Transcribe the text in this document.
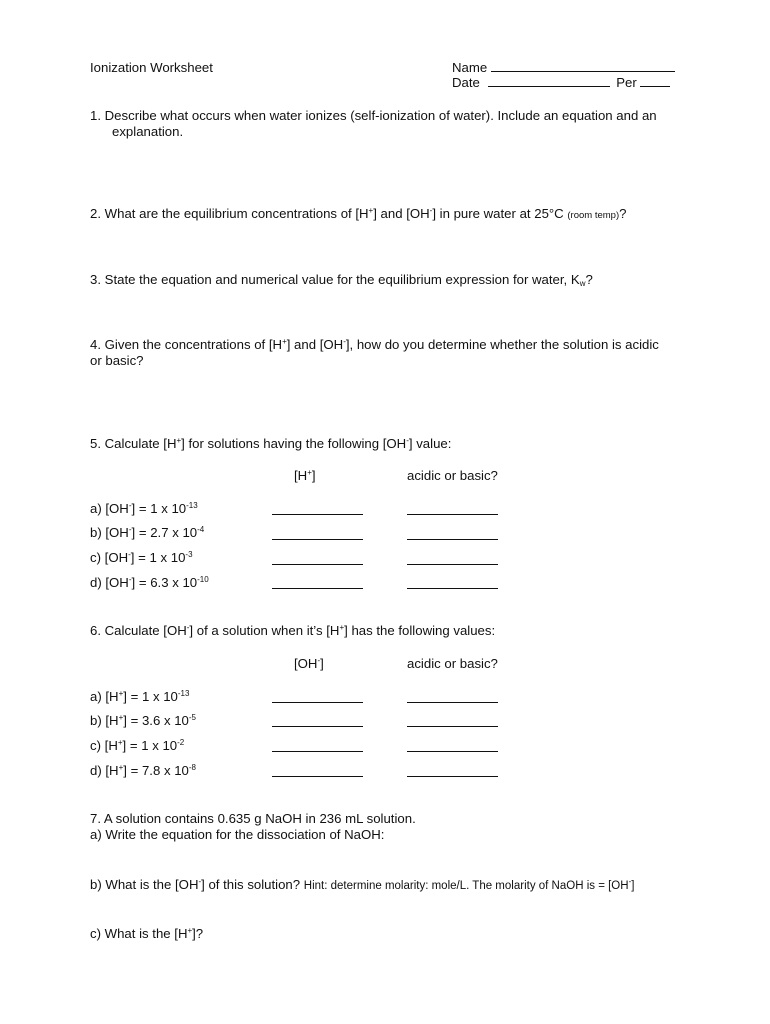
Ionization Worksheet	Name
Date	Per
1. Describe what occurs when water ionizes (self-ionization of water). Include an equation and an
explanation.
2. What are the equilibrium concentrations of [H+] and [OH-] in pure water at 25°C (room temp)?
3. State the equation and numerical value for the equilibrium expression for water, $K_w$?
4. Given the concentrations of [H+] and [OH-], how do you determine whether the solution is acidic
or basic?
5. Calculate [H+] for solutions having the following [OH-] value:
[H+]	acidic or basic?
a) [OH-] = 1 x $10^{-13}$
b) [OH-] = 2.7 x $10^{-4}$
c) [OH-] = 1 x $10^{-3}$
d) [OH-] = 6.3 x $10^{-10}$
6. Calculate [OH-] of a solution when it’s [H+] has the following values:
[OH-]	acidic or basic?
a) [H+] = 1 x $10^{-13}$
b) [H+] = 3.6 x $10^{-5}$
c) [H+] = 1 x $10^{-2}$
d) [H+] = 7.8 x $10^{-8}$
7. A solution contains 0.635 g NaOH in 236 mL solution.
a) Write the equation for the dissociation of NaOH:
b) What is the [OH-] of this solution? Hint: determine molarity: mole/L. The molarity of NaOH is = [OH-]
c) What is the [H+]?
